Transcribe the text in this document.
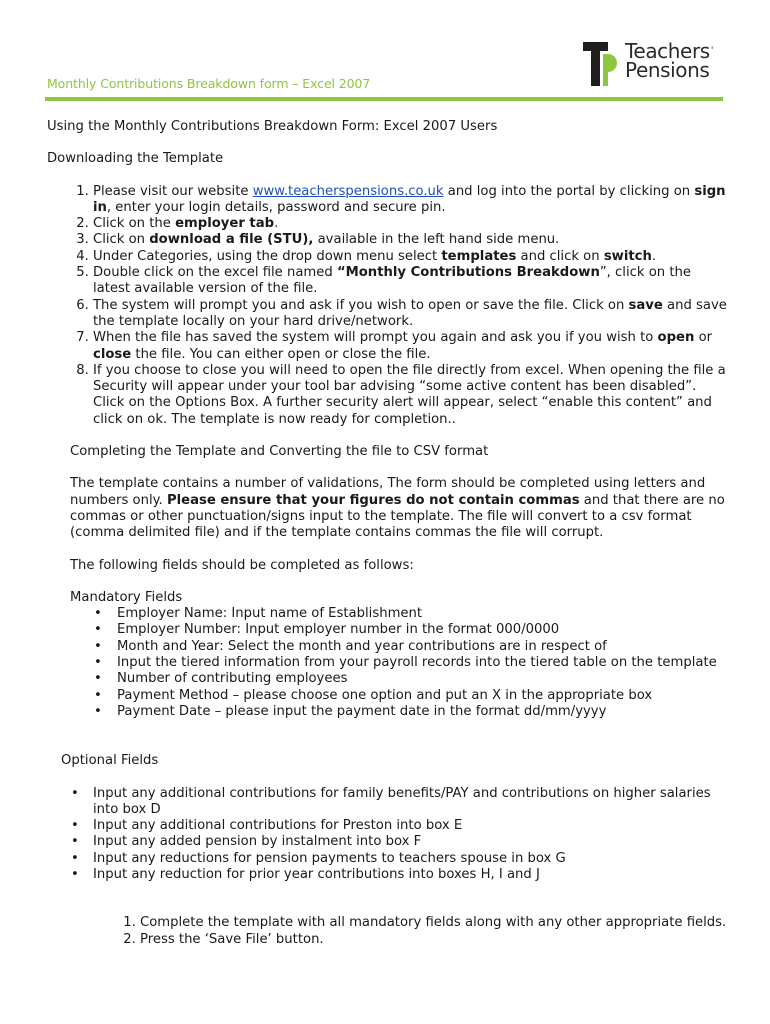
Monthly Contributions Breakdown form – Excel 2007
Teachers'
Pensions

Using the Monthly Contributions Breakdown Form: Excel 2007 Users

Downloading the Template

1. Please visit our website www.teacherspensions.co.uk and log into the portal by clicking on sign in, enter your login details, password and secure pin.
2. Click on the employer tab.
3. Click on download a file (STU), available in the left hand side menu.
4. Under Categories, using the drop down menu select templates and click on switch.
5. Double click on the excel file named “Monthly Contributions Breakdown”, click on the latest available version of the file.
6. The system will prompt you and ask if you wish to open or save the file. Click on save and save the template locally on your hard drive/network.
7. When the file has saved the system will prompt you again and ask you if you wish to open or close the file. You can either open or close the file.
8. If you choose to close you will need to open the file directly from excel. When opening the file a Security will appear under your tool bar advising “some active content has been disabled”. Click on the Options Box. A further security alert will appear, select “enable this content” and click on ok. The template is now ready for completion..

Completing the Template and Converting the file to CSV format

The template contains a number of validations, The form should be completed using letters and numbers only. Please ensure that your figures do not contain commas and that there are no commas or other punctuation/signs input to the template. The file will convert to a csv format (comma delimited file) and if the template contains commas the file will corrupt.

The following fields should be completed as follows:

Mandatory Fields

• Employer Name: Input name of Establishment
• Employer Number: Input employer number in the format 000/0000
• Month and Year: Select the month and year contributions are in respect of
• Input the tiered information from your payroll records into the tiered table on the template
• Number of contributing employees
• Payment Method – please choose one option and put an X in the appropriate box
• Payment Date – please input the payment date in the format dd/mm/yyyy

Optional Fields

• Input any additional contributions for family benefits/PAY and contributions on higher salaries into box D
• Input any additional contributions for Preston into box E
• Input any added pension by instalment into box F
• Input any reductions for pension payments to teachers spouse in box G
• Input any reduction for prior year contributions into boxes H, I and J
1. Complete the template with all mandatory fields along with any other appropriate fields.
2. Press the ‘Save File’ button.
